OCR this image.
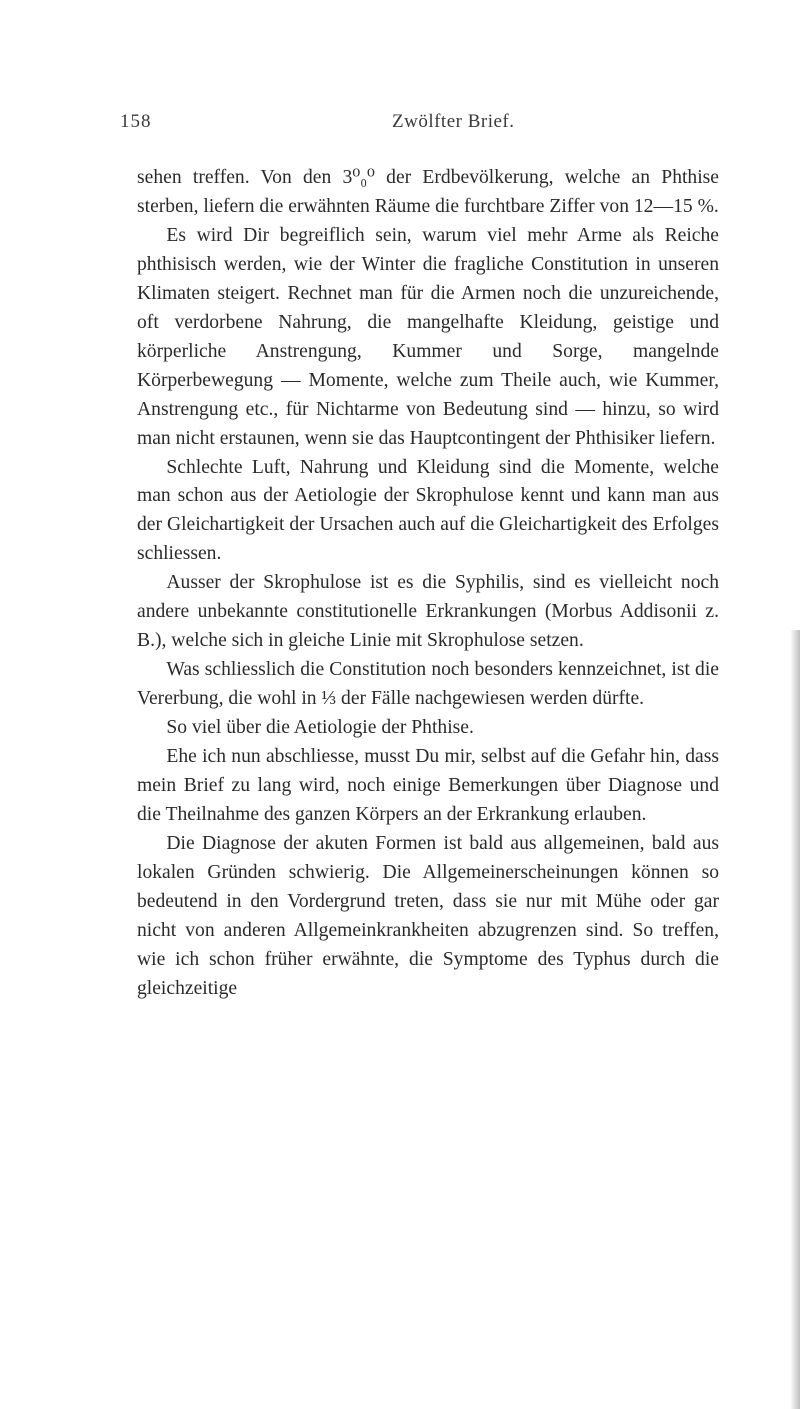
158	Zwölfter Brief.

sehen treffen. Von den 3⁰₀⁰ der Erdbevölkerung, welche an Phthise sterben, liefern die erwähnten Räume die furchtbare Ziffer von 12—15 %.

Es wird Dir begreiflich sein, warum viel mehr Arme als Reiche phthisisch werden, wie der Winter die fragliche Constitution in unseren Klimaten steigert. Rechnet man für die Armen noch die unzureichende, oft verdorbene Nahrung, die mangelhafte Kleidung, geistige und körperliche Anstrengung, Kummer und Sorge, mangelnde Körperbewegung — Momente, welche zum Theile auch, wie Kummer, Anstrengung etc., für Nichtarme von Bedeutung sind — hinzu, so wird man nicht erstaunen, wenn sie das Hauptcontingent der Phthisiker liefern.

Schlechte Luft, Nahrung und Kleidung sind die Momente, welche man schon aus der Aetiologie der Skrophulose kennt und kann man aus der Gleichartigkeit der Ursachen auch auf die Gleichartigkeit des Erfolges schliessen.

Ausser der Skrophulose ist es die Syphilis, sind es vielleicht noch andere unbekannte constitutionelle Erkrankungen (Morbus Addisonii z. B.), welche sich in gleiche Linie mit Skrophulose setzen.

Was schliesslich die Constitution noch besonders kennzeichnet, ist die Vererbung, die wohl in ⅓ der Fälle nachgewiesen werden dürfte.

So viel über die Aetiologie der Phthise.

Ehe ich nun abschliesse, musst Du mir, selbst auf die Gefahr hin, dass mein Brief zu lang wird, noch einige Bemerkungen über Diagnose und die Theilnahme des ganzen Körpers an der Erkrankung erlauben.

Die Diagnose der akuten Formen ist bald aus allgemeinen, bald aus lokalen Gründen schwierig. Die Allgemeinerscheinungen können so bedeutend in den Vordergrund treten, dass sie nur mit Mühe oder gar nicht von anderen Allgemeinkrankheiten abzugrenzen sind. So treffen, wie ich schon früher erwähnte, die Symptome des Typhus durch die gleichzeitige
